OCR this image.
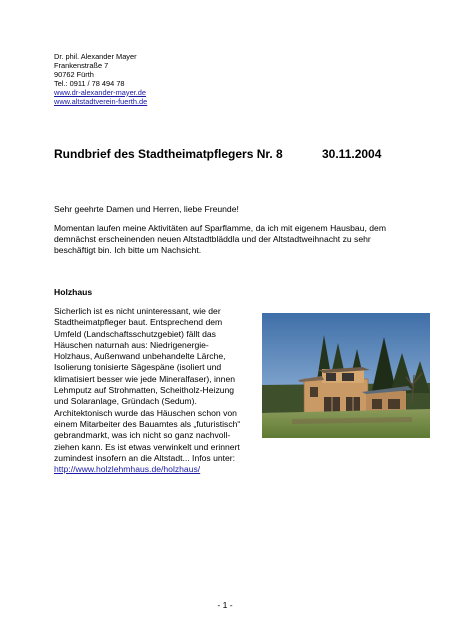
Dr. phil. Alexander Mayer
Frankenstraße 7
90762 Fürth
Tel.: 0911 / 78 494 78
www.dr-alexander-mayer.de
www.altstadtverein-fuerth.de
Rundbrief des Stadtheimatpflegers Nr. 8	30.11.2004
Sehr geehrte Damen und Herren, liebe Freunde!
Momentan laufen meine Aktivitäten auf Sparflamme, da ich mit eigenem Hausbau, dem demnächst erscheinenden neuen Altstadtbläddla und der Altstadtweihnacht zu sehr beschäftigt bin. Ich bitte um Nachsicht.
Holzhaus
Sicherlich ist es nicht uninteressant, wie der
Stadtheimatpfleger baut. Entsprechend dem
Umfeld (Landschaftsschutzgebiet) fällt das
Häuschen naturnah aus: Niedrigenergie-
Holzhaus, Außenwand unbehandelte Lärche,
Isolierung tonisierte Sägespäne (isoliert und
klimatisiert besser wie jede Mineralfaser), innen
Lehmputz auf Strohmatten, Scheitholz-Heizung
und Solaranlage, Gründach (Sedum).
Architektonisch wurde das Häuschen schon von
einem Mitarbeiter des Bauamtes als „futuristisch“
gebrandmarkt, was ich nicht so ganz nachvoll-
ziehen kann. Es ist etwas verwinkelt und erinnert
zumindest insofern an die Altstadt... Infos unter:
http://www.holzlehmhaus.de/holzhaus/
- 1 -
